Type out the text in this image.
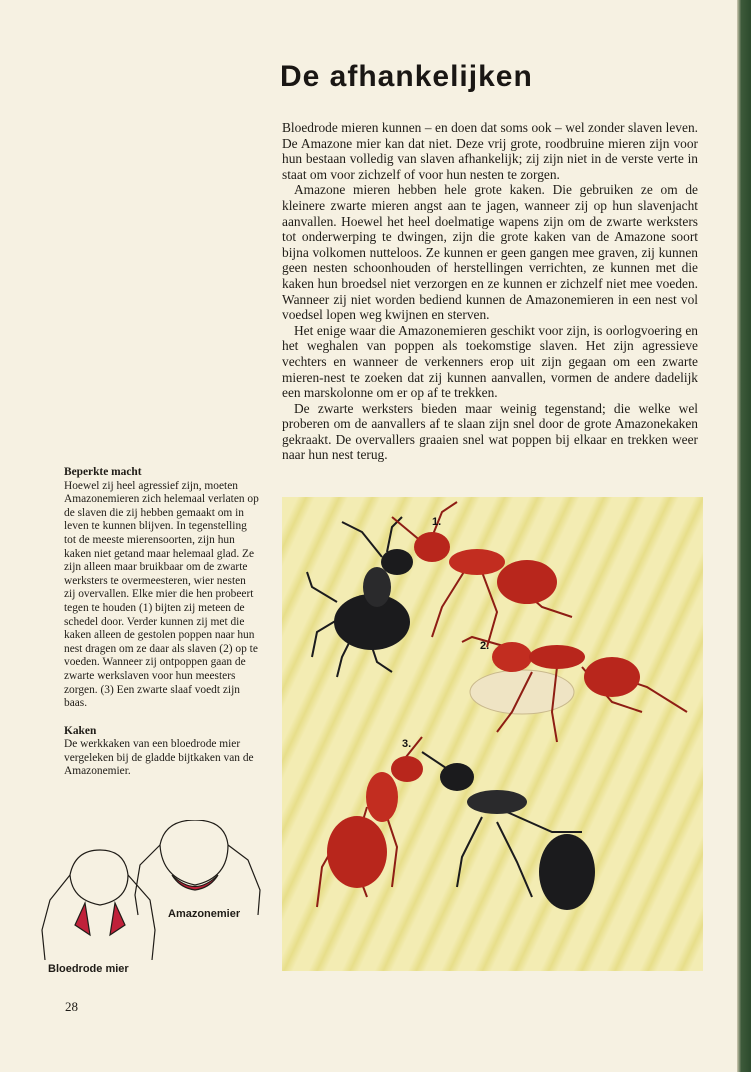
De afhankelijken

Bloedrode mieren kunnen – en doen dat soms ook – wel zonder slaven leven. De Amazone mier kan dat niet. Deze vrij grote, roodbruine mieren zijn voor hun bestaan volledig van slaven afhankelijk; zij zijn niet in de verste verte in staat om voor zichzelf of voor hun nesten te zorgen.

Amazone mieren hebben hele grote kaken. Die gebruiken ze om de kleinere zwarte mieren angst aan te jagen, wanneer zij op hun slavenjacht aanvallen. Hoewel het heel doelmatige wapens zijn om de zwarte werksters tot onderwerping te dwingen, zijn die grote kaken van de Amazone soort bijna volkomen nutteloos. Ze kunnen er geen gangen mee graven, zij kunnen geen nesten schoonhouden of herstellingen verrichten, ze kunnen met die kaken hun broedsel niet verzorgen en ze kunnen er zichzelf niet mee voeden. Wanneer zij niet worden bediend kunnen de Amazonemieren in een nest vol voedsel lopen weg kwijnen en sterven.

Het enige waar die Amazonemieren geschikt voor zijn, is oorlogvoering en het weghalen van poppen als toekomstige slaven. Het zijn agressieve vechters en wanneer de verkenners erop uit zijn gegaan om een zwarte mieren-nest te zoeken dat zij kunnen aanvallen, vormen de andere dadelijk een marskolonne om er op af te trekken.

De zwarte werksters bieden maar weinig tegenstand; die welke wel proberen om de aanvallers af te slaan zijn snel door de grote Amazonekaken gekraakt. De overvallers graaien snel wat poppen bij elkaar en trekken weer naar hun nest terug.

Beperkte macht

Hoewel zij heel agressief zijn, moeten Amazonemieren zich helemaal verlaten op de slaven die zij hebben gemaakt om in leven te kunnen blijven. In tegenstelling tot de meeste mierensoorten, zijn hun kaken niet getand maar helemaal glad. Ze zijn alleen maar bruikbaar om de zwarte werksters te overmeesteren, wier nesten zij overvallen. Elke mier die hen probeert tegen te houden (1) bijten zij meteen de schedel door. Verder kunnen zij met die kaken alleen de gestolen poppen naar hun nest dragen om ze daar als slaven (2) op te voeden. Wanneer zij ontpoppen gaan de zwarte werkslaven voor hun meesters zorgen. (3) Een zwarte slaaf voedt zijn baas.

Kaken

De werkkaken van een bloedrode mier vergeleken bij de gladde bijtkaken van de Amazonemier.

1.
2.
3.
Amazonemier
Bloedrode mier
28
